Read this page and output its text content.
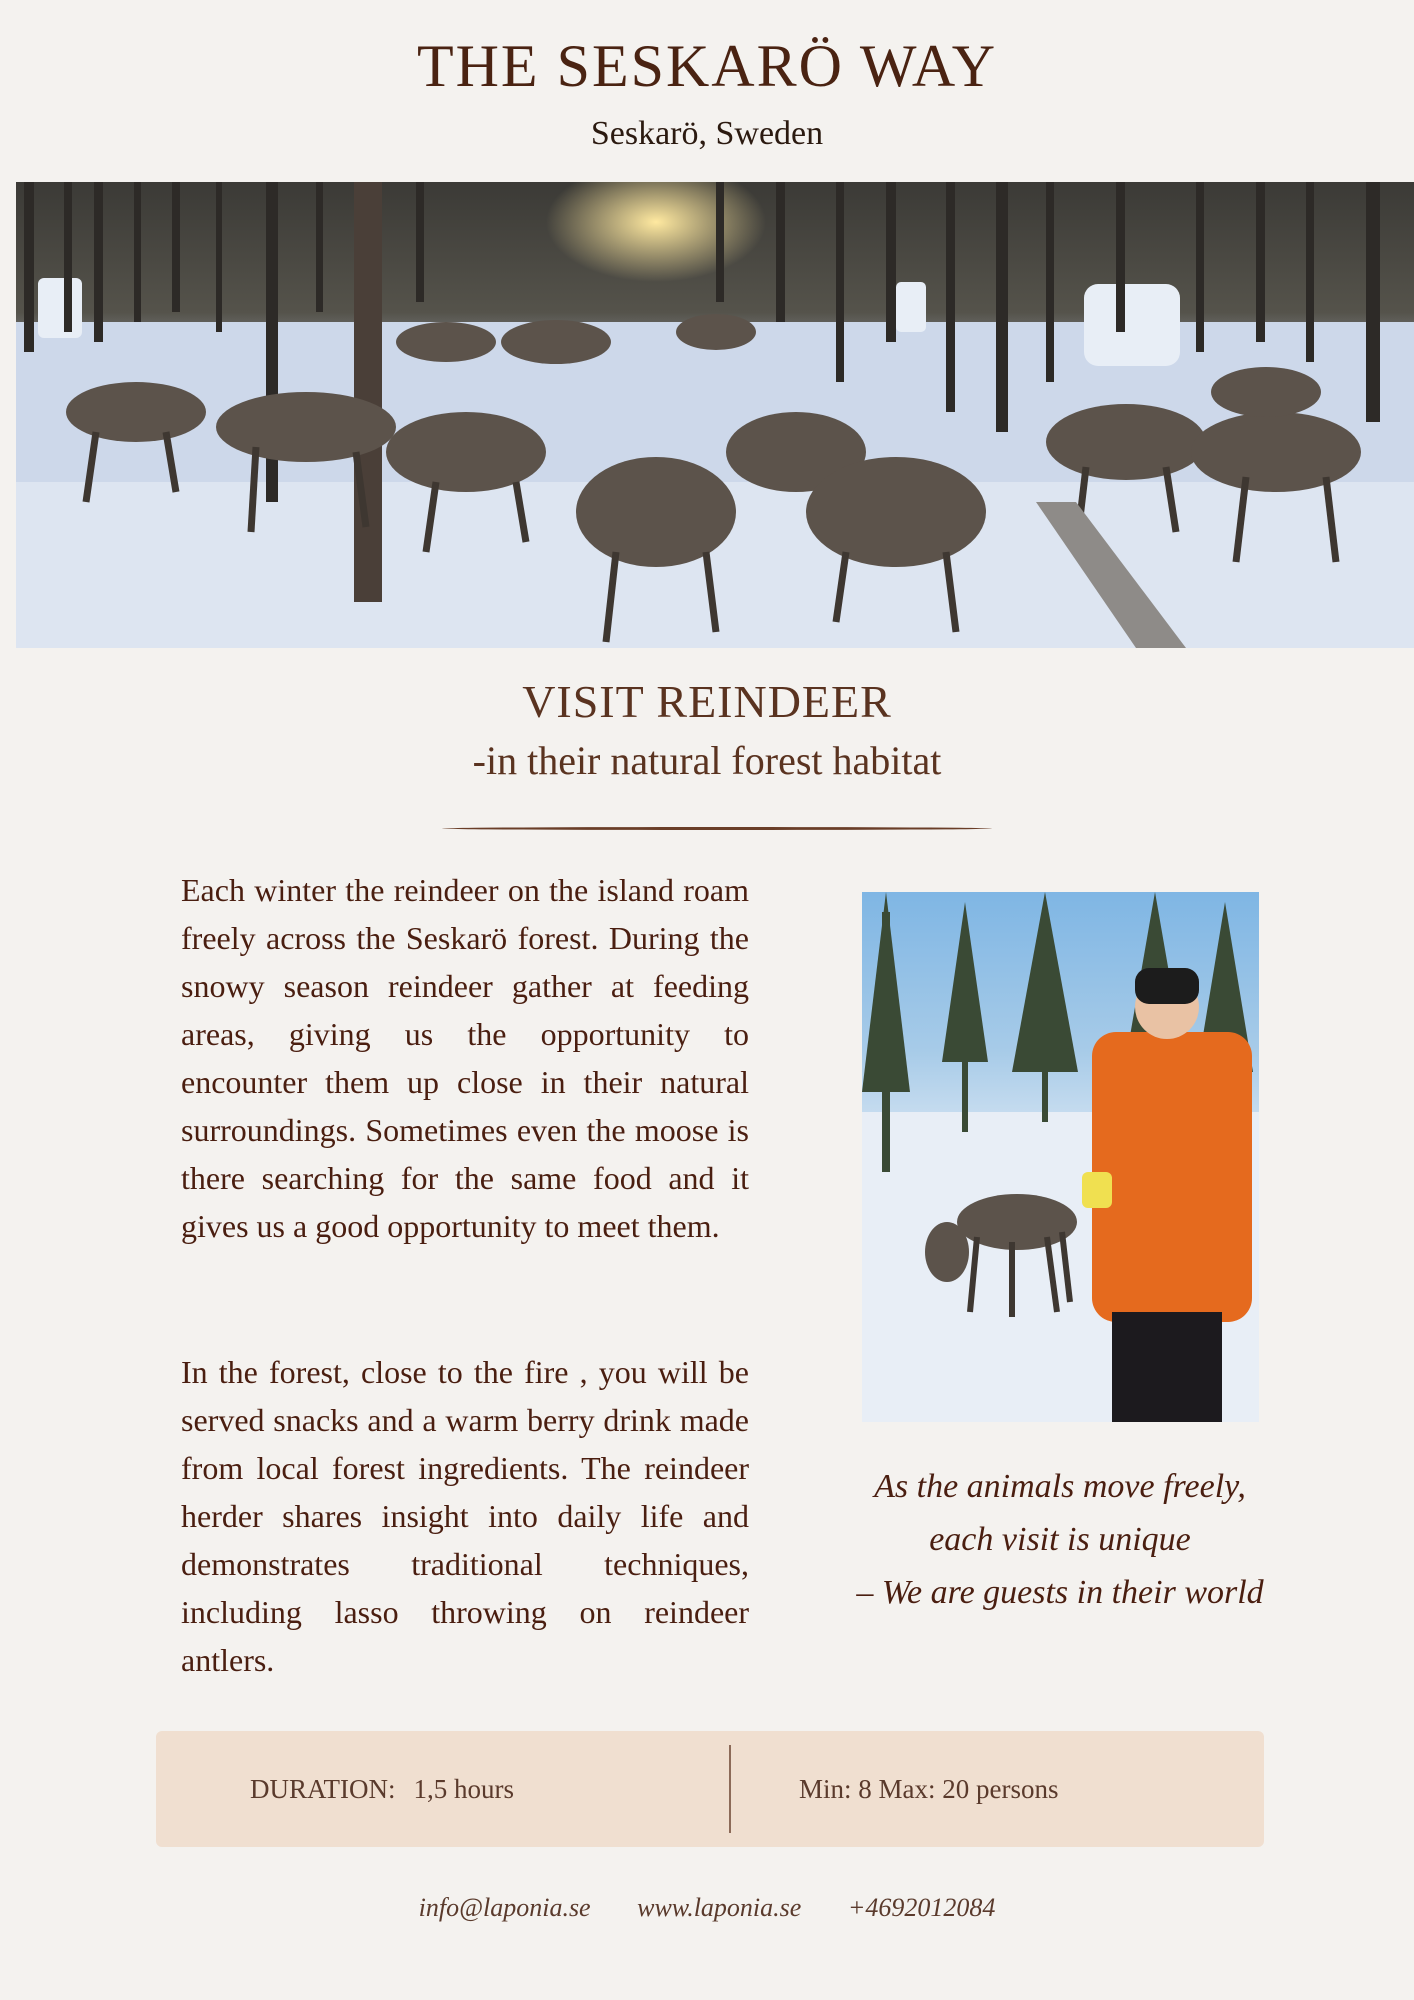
THE SESKARÖ WAY
Seskarö, Sweden
VISIT REINDEER
-in their natural forest habitat

Each winter the reindeer on the island roam freely across the Seskarö forest. During the snowy season reindeer gather at feeding areas, giving us the opportunity to encounter them up close in their natural surroundings. Sometimes even the moose is there searching for the same food and it gives us a good opportunity to meet them.

In the forest, close to the fire , you will be served snacks and a warm berry drink made from local forest ingredients. The reindeer herder shares insight into daily life and demonstrates traditional techniques, including lasso throwing on reindeer antlers.

As the animals move freely,
each visit is unique
– We are guests in their world
DURATION: 1,5 hours	Min: 8 Max: 20 persons
info@laponia.se www.laponia.se +4692012084
